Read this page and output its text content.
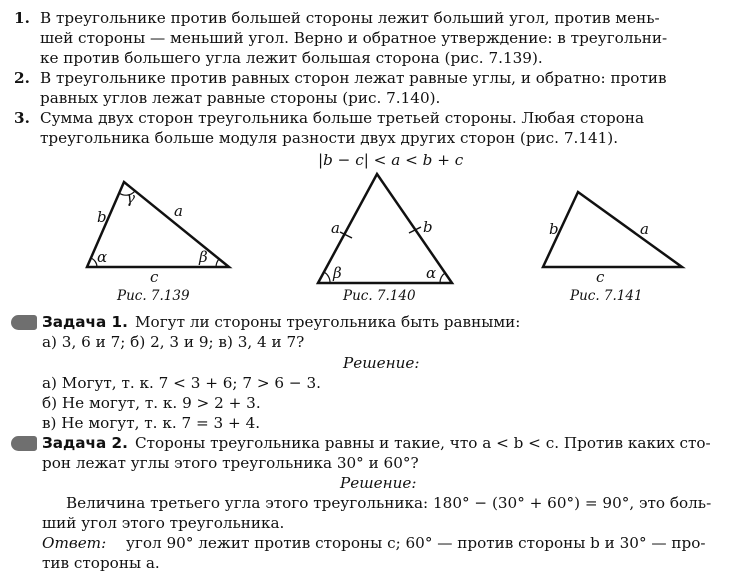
1. В треугольнике против большей стороны лежит больший угол, против мень-
шей стороны — меньший угол. Верно и обратное утверждение: в треугольни-
ке против большего угла лежит большая сторона (рис. 7.139).
2. В треугольнике против равных сторон лежат равные углы, и обратно: против
равных углов лежат равные стороны (рис. 7.140).
3. Сумма двух сторон треугольника больше третьей стороны. Любая сторона
треугольника больше модуля разности двух других сторон (рис. 7.141).
|b − c| < a < b + c
b	a
c
α	β
γ
Рис. 7.139
a	b
β	α
Рис. 7.140
b	a
c
Рис. 7.141
Задача 1. Могут ли стороны треугольника быть равными:
а) 3, 6 и 7; б) 2, 3 и 9; в) 3, 4 и 7?
Решение:
а) Могут, т. к. 7 < 3 + 6; 7 > 6 − 3.
б) Не могут, т. к. 9 > 2 + 3.
в) Не могут, т. к. 7 = 3 + 4.
Задача 2. Стороны треугольника равны и такие, что a < b < c. Против каких сто-
рон лежат углы этого треугольника 30° и 60°?
Решение:
Величина третьего угла этого треугольника: 180° − (30° + 60°) = 90°, это боль-
ший угол этого треугольника.
Ответ: угол 90° лежит против стороны c; 60° — против стороны b и 30° — про-
тив стороны a.
